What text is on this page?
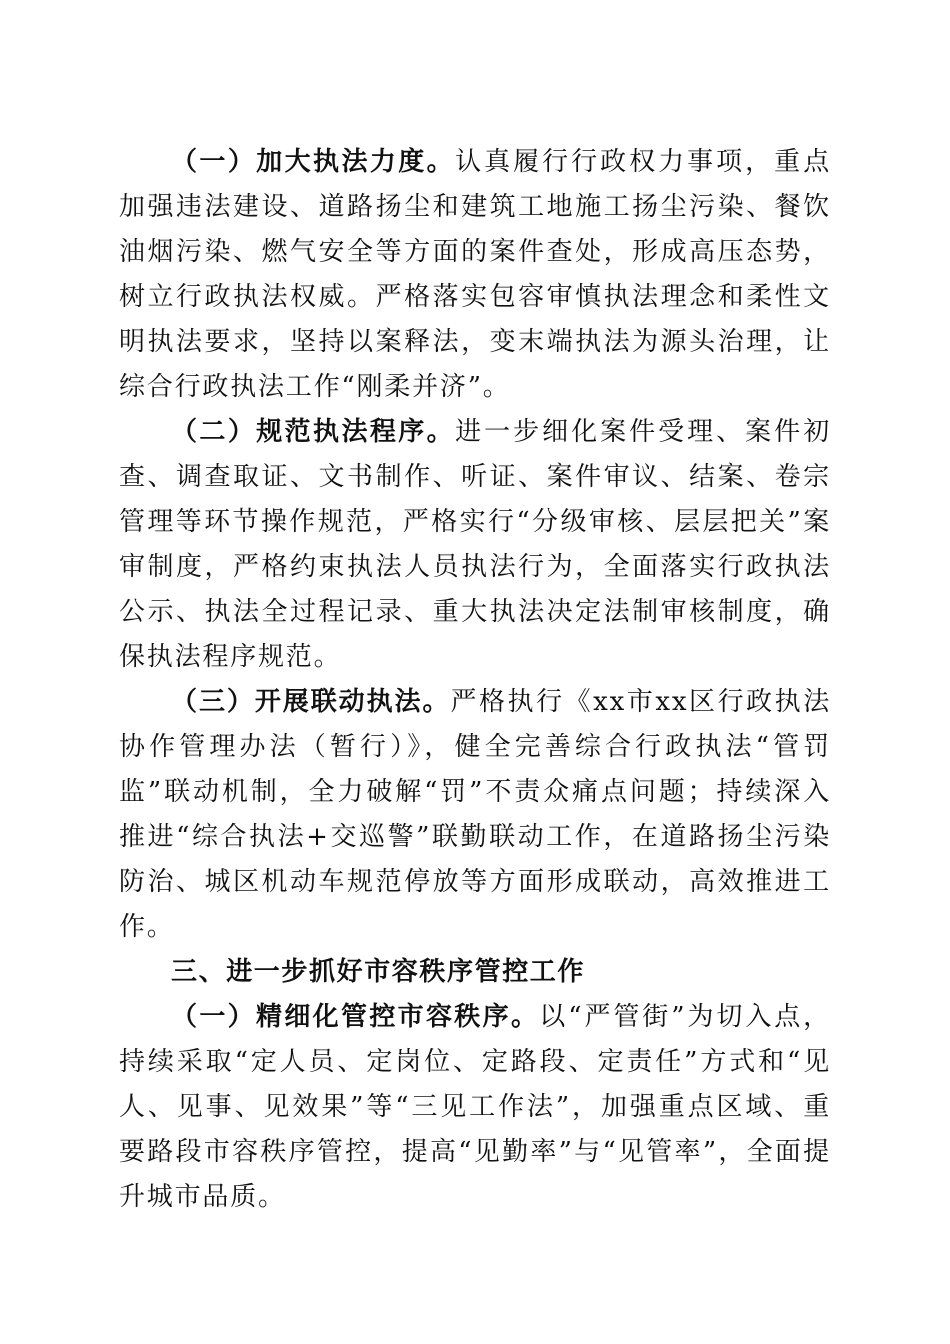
（一）加大执法力度。认真履行行政权力事项，重点加强违法建设、道路扬尘和建筑工地施工扬尘污染、餐饮油烟污染、燃气安全等方面的案件查处，形成高压态势，树立行政执法权威。严格落实包容审慎执法理念和柔性文明执法要求，坚持以案释法，变末端执法为源头治理，让综合行政执法工作“刚柔并济”。

（二）规范执法程序。进一步细化案件受理、案件初查、调查取证、文书制作、听证、案件审议、结案、卷宗管理等环节操作规范，严格实行“分级审核、层层把关”案审制度，严格约束执法人员执法行为，全面落实行政执法公示、执法全过程记录、重大执法决定法制审核制度，确保执法程序规范。

（三）开展联动执法。严格执行《xx市xx区行政执法协作管理办法（暂行）》，健全完善综合行政执法“管罚监”联动机制，全力破解“罚”不责众痛点问题；持续深入推进“综合执法+交巡警”联勤联动工作，在道路扬尘污染防治、城区机动车规范停放等方面形成联动，高效推进工作。

三、进一步抓好市容秩序管控工作

（一）精细化管控市容秩序。以“严管街”为切入点，持续采取“定人员、定岗位、定路段、定责任”方式和“见人、见事、见效果”等“三见工作法”，加强重点区域、重要路段市容秩序管控，提高“见勤率”与“见管率”，全面提升城市品质。
